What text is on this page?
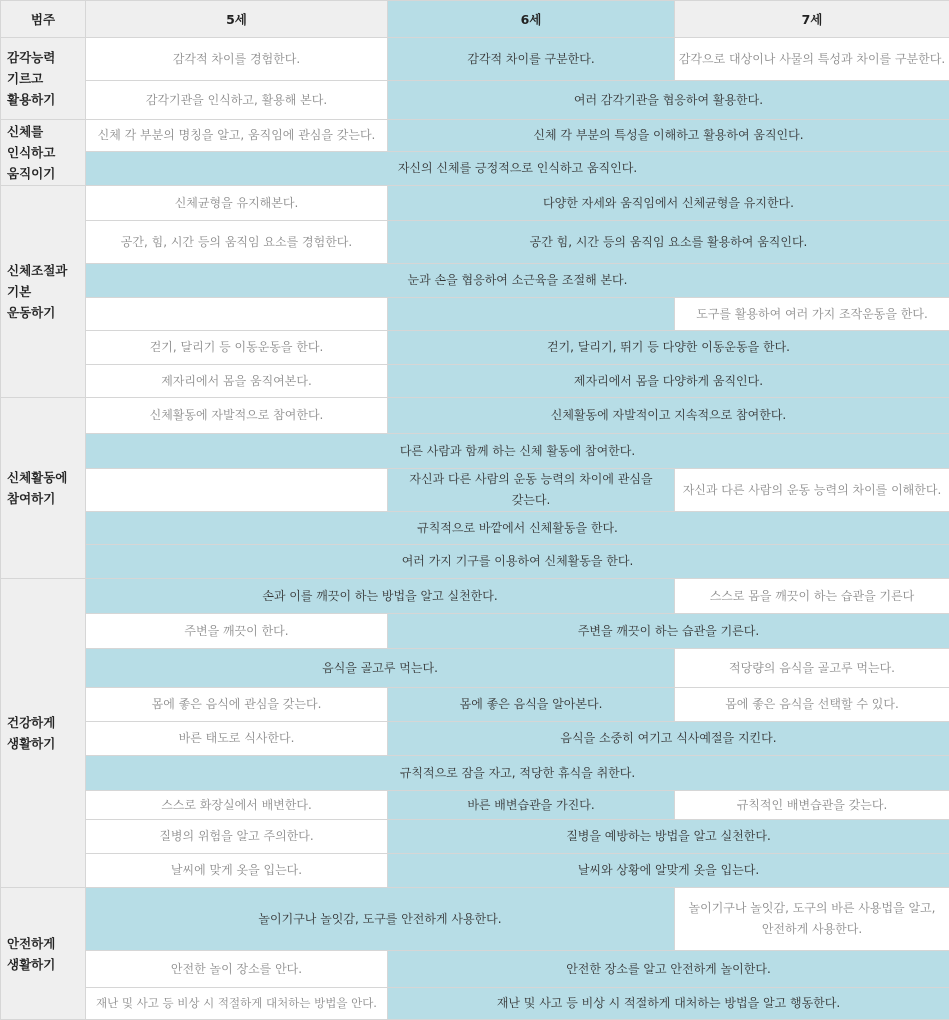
범주	5세	6세	7세
감각능력 기르고 활용하기	감각적 차이를 경험한다.	감각적 차이를 구분한다.	감각으로 대상이나 사물의 특성과 차이를 구분한다.
	감각기관을 인식하고, 활용해 본다.	여러 감각기관을 협응하여 활용한다.	
신체를 인식하고 움직이기	신체 각 부분의 명칭을 알고, 움직임에 관심을 갖는다.	신체 각 부분의 특성을 이해하고 활용하여 움직인다.	
	자신의 신체를 긍정적으로 인식하고 움직인다.		
신체조절과 기본 운동하기	신체균형을 유지해본다.	다양한 자세와 움직임에서 신체균형을 유지한다.	
	공간, 힘, 시간 등의 움직임 요소를 경험한다.	공간 힘, 시간 등의 움직임 요소를 활용하여 움직인다.	
	눈과 손을 협응하여 소근육을 조절해 본다.		
			도구를 활용하여 여러 가지 조작운동을 한다.
	걷기, 달리기 등 이동운동을 한다.	걷기, 달리기, 뛰기 등 다양한 이동운동을 한다.	
	제자리에서 몸을 움직여본다.	제자리에서 몸을 다양하게 움직인다.	
신체활동에 참여하기	신체활동에 자발적으로 참여한다.	신체활동에 자발적이고 지속적으로 참여한다.	
	다른 사람과 함께 하는 신체 활동에 참여한다.		
		자신과 다른 사람의 운동 능력의 차이에 관심을 갖는다.	자신과 다른 사람의 운동 능력의 차이를 이해한다.
	규칙적으로 바깥에서 신체활동을 한다.		
	여러 가지 기구를 이용하여 신체활동을 한다.		
건강하게 생활하기	손과 이를 깨끗이 하는 방법을 알고 실천한다.		스스로 몸을 깨끗이 하는 습관을 기른다
	주변을 깨끗이 한다.	주변을 깨끗이 하는 습관을 기른다.	
	음식을 골고루 먹는다.		적당량의 음식을 골고루 먹는다.
	몸에 좋은 음식에 관심을 갖는다.	몸에 좋은 음식을 알아본다.	몸에 좋은 음식을 선택할 수 있다.
	바른 태도로 식사한다.	음식을 소중히 여기고 식사예절을 지킨다.	
	규칙적으로 잠을 자고, 적당한 휴식을 취한다.		
	스스로 화장실에서 배변한다.	바른 배변습관을 가진다.	규칙적인 배변습관을 갖는다.
	질병의 위험을 알고 주의한다.	질병을 예방하는 방법을 알고 실천한다.	
	날씨에 맞게 옷을 입는다.	날씨와 상황에 알맞게 옷을 입는다.	
안전하게 생활하기	놀이기구나 놀잇감, 도구를 안전하게 사용한다.		놀이기구나 놀잇감, 도구의 바른 사용법을 알고, 안전하게 사용한다.
	안전한 놀이 장소를 안다.	안전한 장소를 알고 안전하게 놀이한다.	
	재난 및 사고 등 비상 시 적절하게 대처하는 방법을 안다.	재난 및 사고 등 비상 시 적절하게 대처하는 방법을 알고 행동한다.	
